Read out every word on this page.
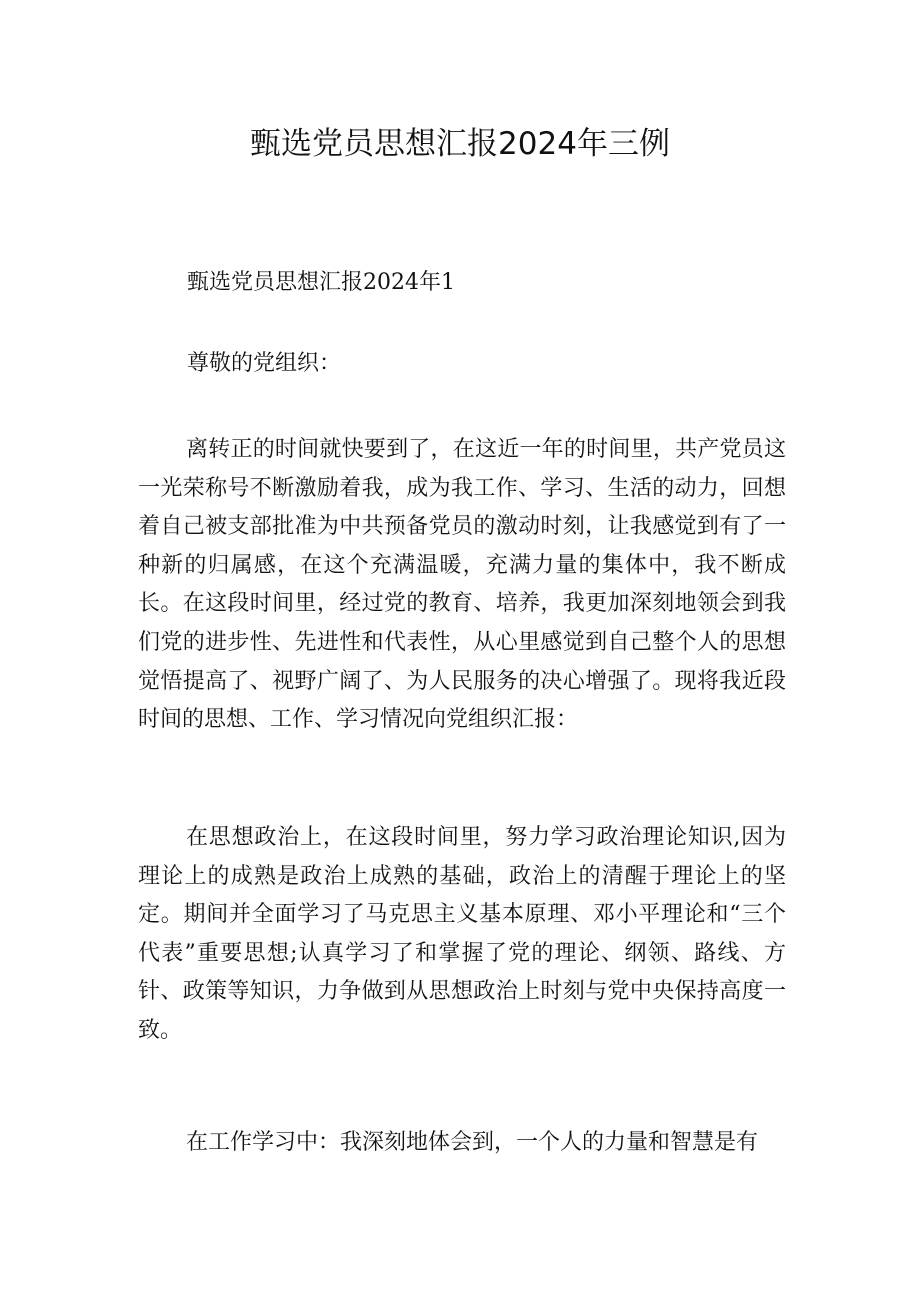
甄选党员思想汇报2024年三例

甄选党员思想汇报2024年1

尊敬的党组织：

离转正的时间就快要到了，在这近一年的时间里，共产党员这一光荣称号不断激励着我，成为我工作、学习、生活的动力，回想着自己被支部批准为中共预备党员的激动时刻，让我感觉到有了一种新的归属感，在这个充满温暖，充满力量的集体中，我不断成长。在这段时间里，经过党的教育、培养，我更加深刻地领会到我们党的进步性、先进性和代表性，从心里感觉到自己整个人的思想觉悟提高了、视野广阔了、为人民服务的决心增强了。现将我近段时间的思想、工作、学习情况向党组织汇报：

在思想政治上，在这段时间里，努力学习政治理论知识,因为理论上的成熟是政治上成熟的基础，政治上的清醒于理论上的坚定。期间并全面学习了马克思主义基本原理、邓小平理论和“三个代表”重要思想;认真学习了和掌握了党的理论、纲领、路线、方针、政策等知识，力争做到从思想政治上时刻与党中央保持高度一致。

在工作学习中：我深刻地体会到，一个人的力量和智慧是有
